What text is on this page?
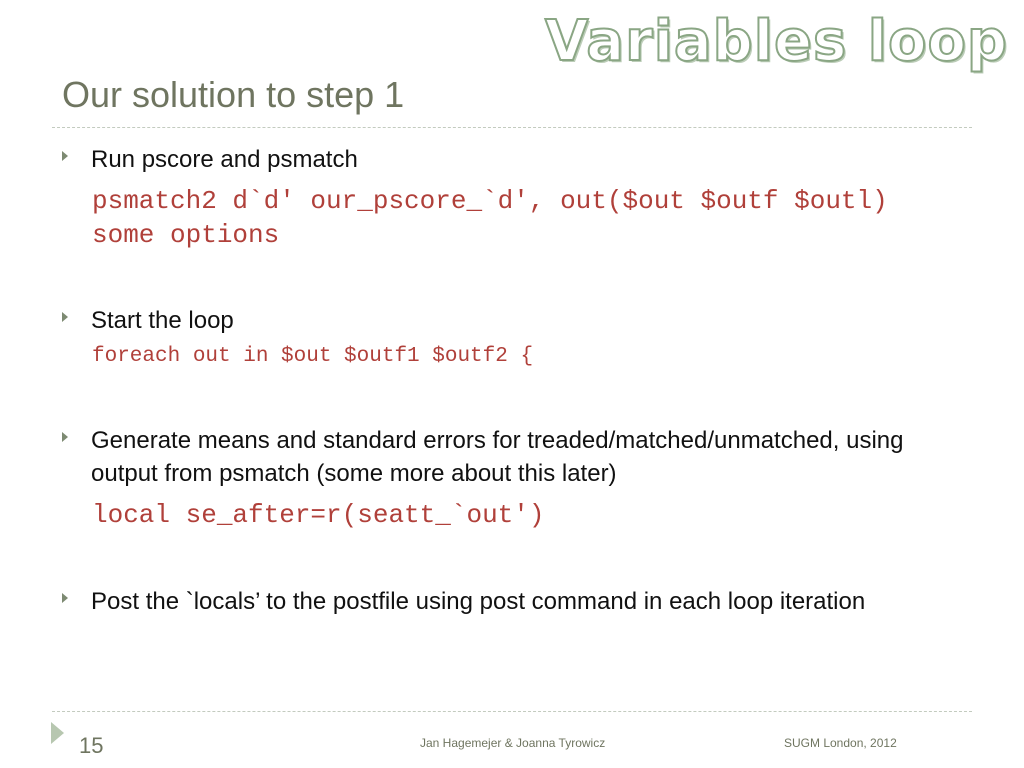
Variables loop
Our solution to step 1
Run pscore and psmatch
psmatch2 d`d' our_pscore_`d', out($out $outf $outl) some options
Start the loop
foreach out in $out $outf1 $outf2 {
Generate means and standard errors for treaded/matched/unmatched, using output from psmatch (some more about this later)
local se_after=r(seatt_`out')
Post the `locals’ to the postfile using post command in each loop iteration
15	Jan Hagemejer & Joanna Tyrowicz	SUGM London, 2012
